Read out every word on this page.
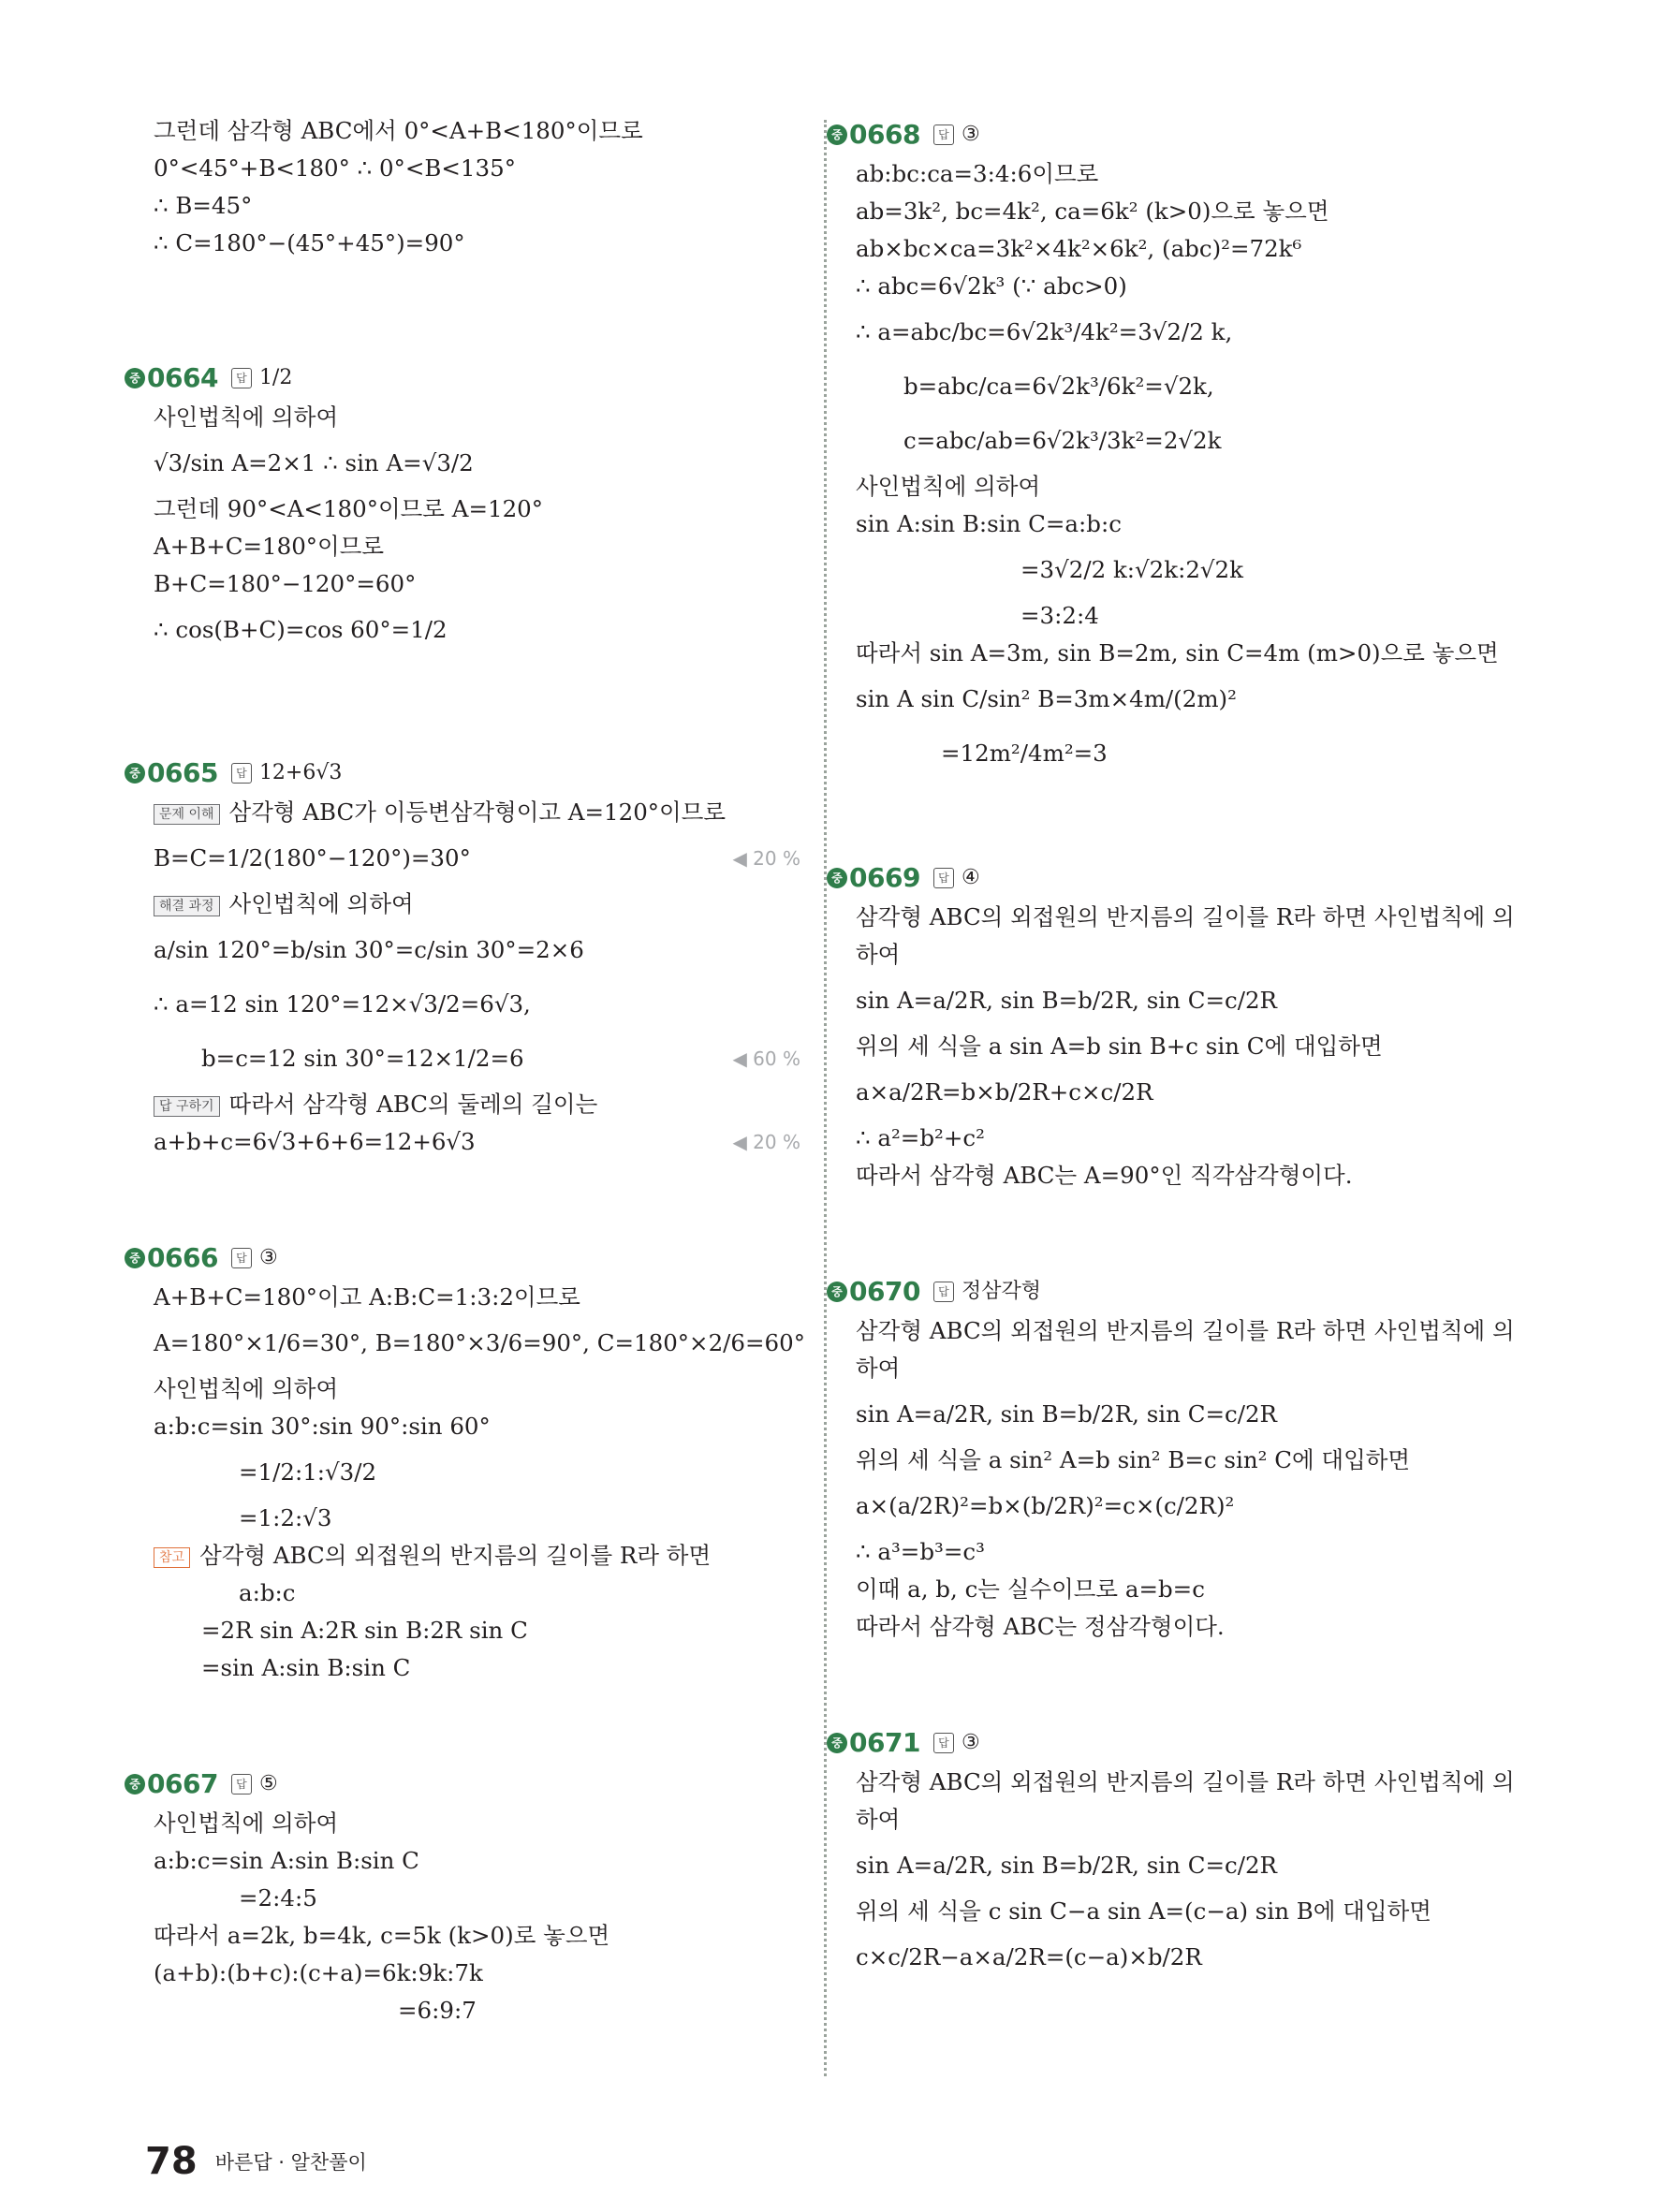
그런데 삼각형 ABC에서 0°<A+B<180°이므로
0°<45°+B<180° ∴ 0°<B<135°
∴ B=45°
∴ C=180°−(45°+45°)=90°
중 0664 답 1/2
사인법칙에 의하여
√3/sin A=2×1 ∴ sin A=√3/2
그런데 90°<A<180°이므로 A=120°
A+B+C=180°이므로
B+C=180°−120°=60°
∴ cos(B+C)=cos 60°=1/2
중 0665 답 12+6√3
문제 이해 삼각형 ABC가 이등변삼각형이고 A=120°이므로
B=C=1/2(180°−120°)=30°	◀ 20 %
해결 과정 사인법칙에 의하여
a/sin 120°=b/sin 30°=c/sin 30°=2×6
∴ a=12 sin 120°=12×√3/2=6√3,
b=c=12 sin 30°=12×1/2=6	◀ 60 %
답 구하기 따라서 삼각형 ABC의 둘레의 길이는
a+b+c=6√3+6+6=12+6√3	◀ 20 %
중 0666 답 ③
A+B+C=180°이고 A:B:C=1:3:2이므로
A=180°×1/6=30°, B=180°×3/6=90°, C=180°×2/6=60°
사인법칙에 의하여
a:b:c=sin 30°:sin 90°:sin 60°
=1/2:1:√3/2
=1:2:√3
참고 삼각형 ABC의 외접원의 반지름의 길이를 R라 하면
a:b:c
=2R sin A:2R sin B:2R sin C
=sin A:sin B:sin C
중 0667 답 ⑤
사인법칙에 의하여
a:b:c=sin A:sin B:sin C
=2:4:5
따라서 a=2k, b=4k, c=5k (k>0)로 놓으면
(a+b):(b+c):(c+a)=6k:9k:7k
=6:9:7
중 0668 답 ③
ab:bc:ca=3:4:6이므로
ab=3k², bc=4k², ca=6k² (k>0)으로 놓으면
ab×bc×ca=3k²×4k²×6k², (abc)²=72k⁶
∴ abc=6√2k³ (∵ abc>0)
∴ a=abc/bc=6√2k³/4k²=3√2/2 k,
b=abc/ca=6√2k³/6k²=√2k,
c=abc/ab=6√2k³/3k²=2√2k
사인법칙에 의하여
sin A:sin B:sin C=a:b:c
=3√2/2 k:√2k:2√2k
=3:2:4
따라서 sin A=3m, sin B=2m, sin C=4m (m>0)으로 놓으면
sin A sin C/sin² B=3m×4m/(2m)²
=12m²/4m²=3
중 0669 답 ④
삼각형 ABC의 외접원의 반지름의 길이를 R라 하면 사인법칙에 의
하여
sin A=a/2R, sin B=b/2R, sin C=c/2R
위의 세 식을 a sin A=b sin B+c sin C에 대입하면
a×a/2R=b×b/2R+c×c/2R
∴ a²=b²+c²
따라서 삼각형 ABC는 A=90°인 직각삼각형이다.
중 0670 답 정삼각형
삼각형 ABC의 외접원의 반지름의 길이를 R라 하면 사인법칙에 의
하여
sin A=a/2R, sin B=b/2R, sin C=c/2R
위의 세 식을 a sin² A=b sin² B=c sin² C에 대입하면
a×(a/2R)²=b×(b/2R)²=c×(c/2R)²
∴ a³=b³=c³
이때 a, b, c는 실수이므로 a=b=c
따라서 삼각형 ABC는 정삼각형이다.
중 0671 답 ③
삼각형 ABC의 외접원의 반지름의 길이를 R라 하면 사인법칙에 의
하여
sin A=a/2R, sin B=b/2R, sin C=c/2R
위의 세 식을 c sin C−a sin A=(c−a) sin B에 대입하면
c×c/2R−a×a/2R=(c−a)×b/2R
78 바른답 · 알찬풀이
